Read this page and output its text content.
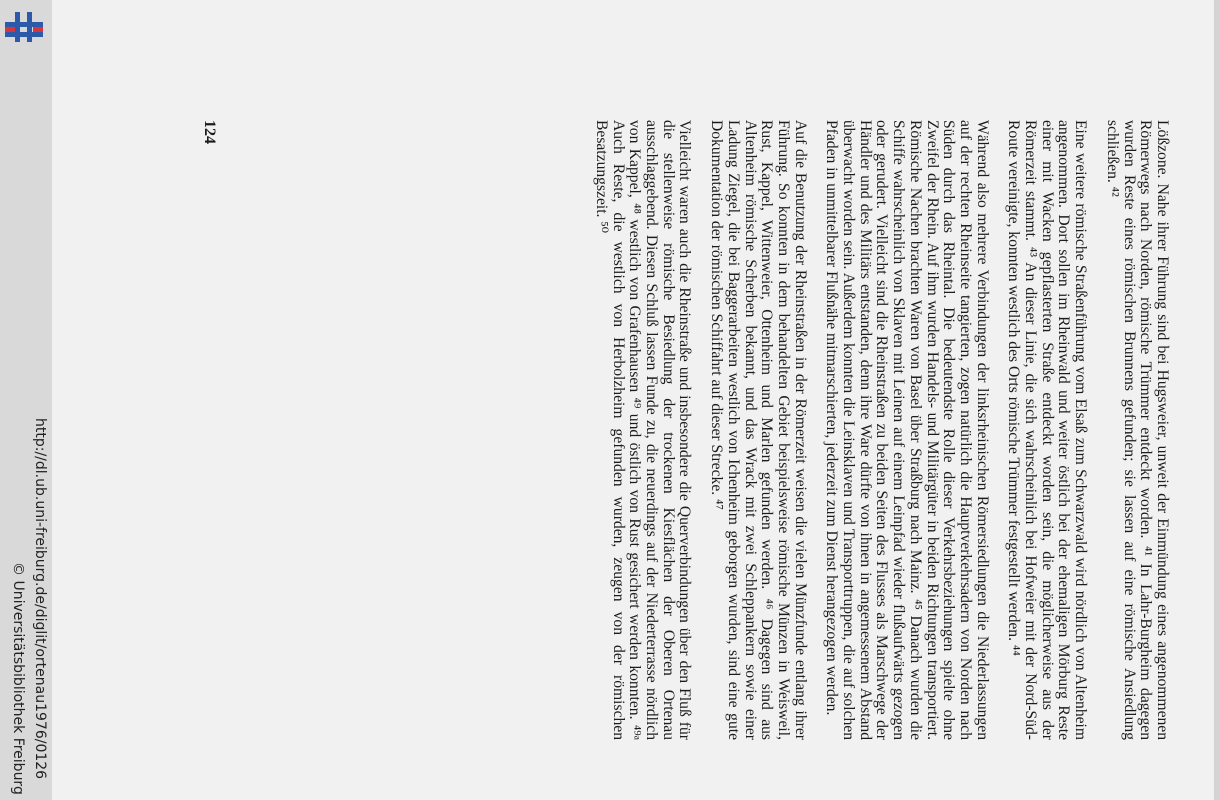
http://dl.ub.uni-freiburg.de/diglit/ortenau1976/0126
© Universitätsbibliothek Freiburg	Lößzone. Nahe ihrer Führung sind bei Hugsweier, unweit der Einmündung eines angenommenen Römerwegs nach Norden, römische Trümmer entdeckt worden. ⁴¹ In Lahr-Burgheim dagegen wurden Reste eines römischen Brunnens gefunden; sie lassen auf eine römische Ansiedlung schließen. ⁴²

Eine weitere römische Straßenführung vom Elsaß zum Schwarzwald wird nördlich von Altenheim angenommen. Dort sollen im Rheinwald und weiter östlich bei der ehemaligen Mörburg Reste einer mit Wacken gepflasterten Straße entdeckt worden sein, die möglicherweise aus der Römerzeit stammt. ⁴³ An dieser Linie, die sich wahrscheinlich bei Hofweier mit der Nord-Süd-Route vereinigte, konnten westlich des Orts römische Trümmer festgestellt werden. ⁴⁴

Während also mehrere Verbindungen der linksrheinischen Römersiedlungen die Niederlassungen auf der rechten Rheinseite tangierten, zogen natürlich die Hauptverkehrsadern von Norden nach Süden durch das Rheintal. Die bedeutendste Rolle dieser Verkehrsbeziehungen spielte ohne Zweifel der Rhein. Auf ihm wurden Handels- und Militärgüter in beiden Richtungen transportiert. Römische Nachen brachten Waren von Basel über Straßburg nach Mainz. ⁴⁵ Danach wurden die Schiffe wahrscheinlich von Sklaven mit Leinen auf einem Leinpfad wieder flußaufwärts gezogen oder gerudert. Vielleicht sind die Rheinstraßen zu beiden Seiten des Flusses als Marschwege der Händler und des Militärs entstanden, denn ihre Ware dürfte von ihnen in angemessenem Abstand überwacht worden sein. Außerdem konnten die Leinsklaven und Transporttruppen, die auf solchen Pfaden in unmittelbarer Flußnähe mitmarschierten, jederzeit zum Dienst herangezogen werden.

Auf die Benutzung der Rheinstraßen in der Römerzeit weisen die vielen Münzfunde entlang ihrer Führung. So konnten in dem behandelten Gebiet beispielsweise römische Münzen in Weisweil, Rust, Kappel, Wittenweier, Ottenheim und Marlen gefunden werden. ⁴⁶ Dagegen sind aus Altenheim römische Scherben bekannt, und das Wrack mit zwei Schleppankern sowie einer Ladung Ziegel, die bei Baggerarbeiten westlich von Ichenheim geborgen wurden, sind eine gute Dokumentation der römischen Schiffahrt auf dieser Strecke. ⁴⁷

Vielleicht waren auch die Rheinstraße und insbesondere die Querverbindungen über den Fluß für die stellenweise römische Besiedlung der trockenen Kiesflächen der Oberen Ortenau ausschlaggebend. Diesen Schluß lassen Funde zu, die neuerdings auf der Niederterrasse nördlich von Kappel, ⁴⁸ westlich von Grafenhausen ⁴⁹ und östlich von Rust gesichert werden konnten. ⁴⁹ᵃ Auch Reste, die westlich von Herbolzheim gefunden wurden, zeugen von der römischen Besatzungszeit. ⁵⁰

124
